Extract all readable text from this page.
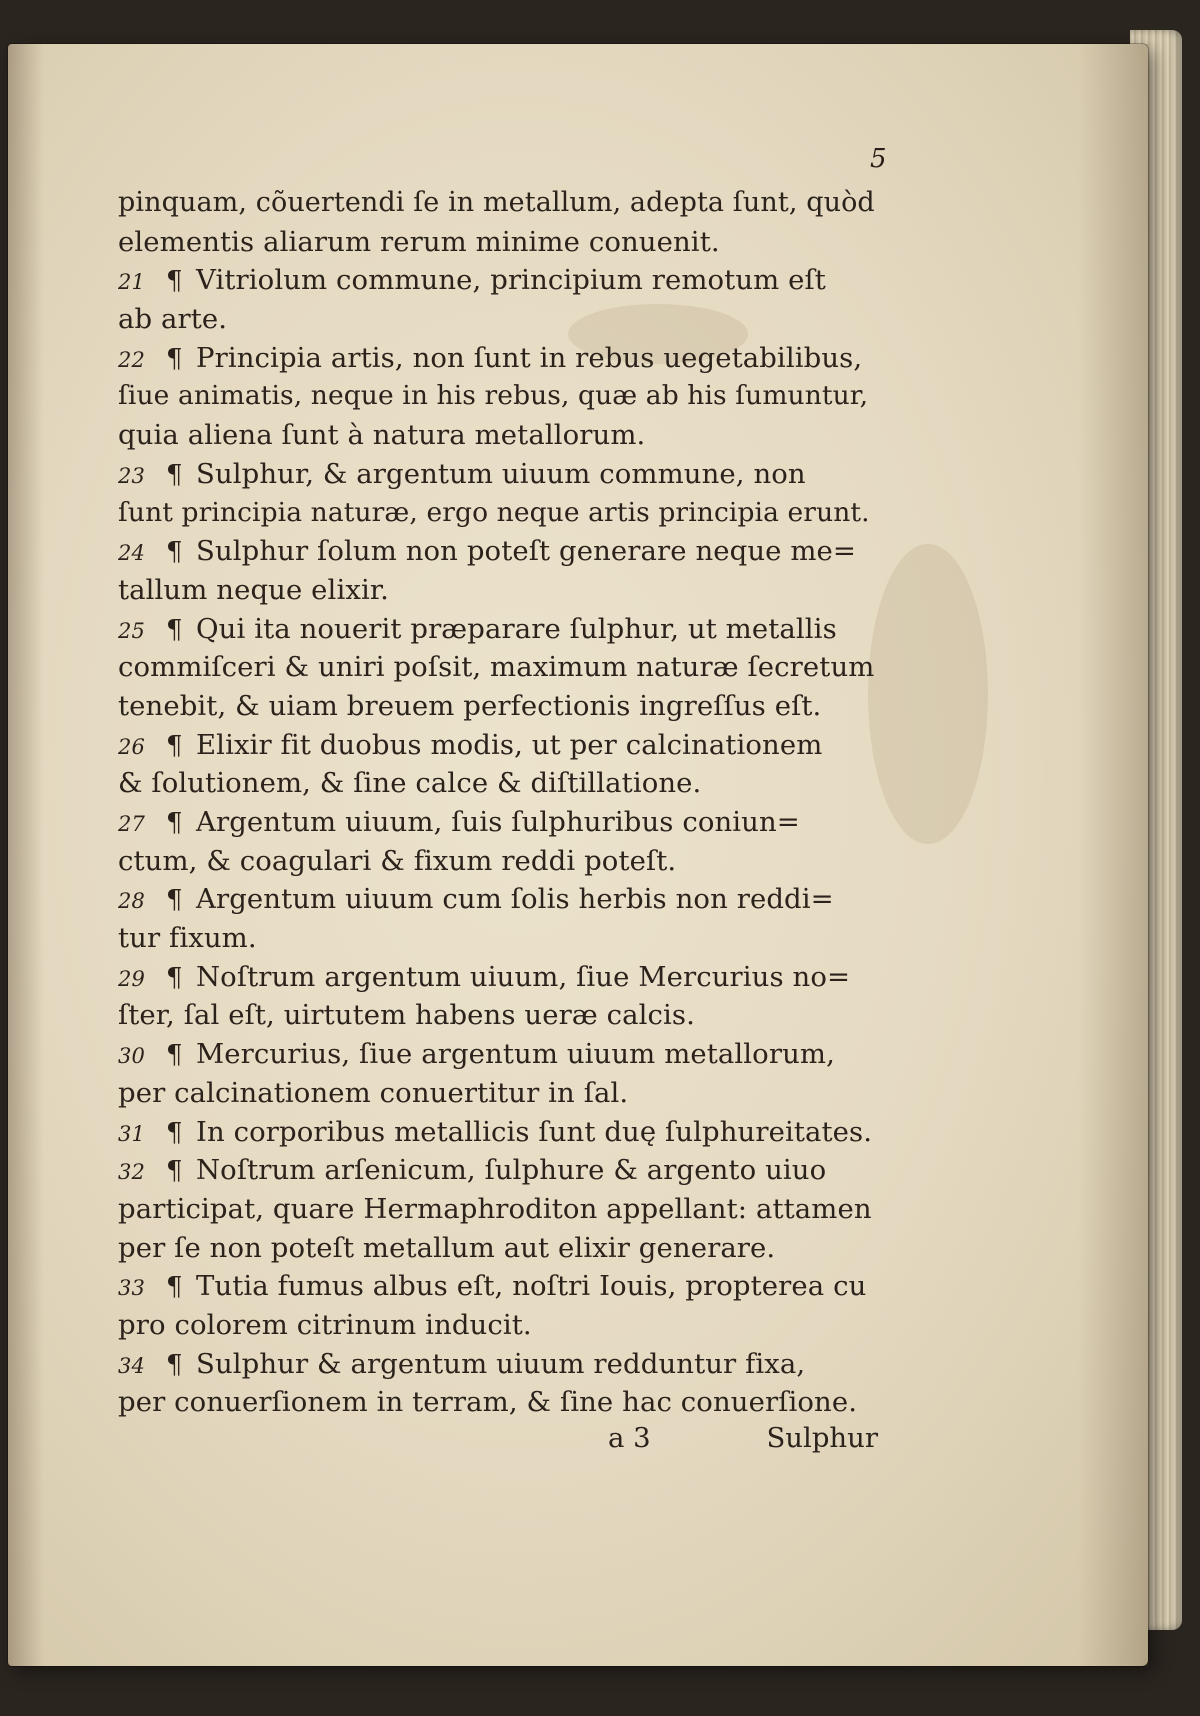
5
pinquam, cõuertendi ſe in metallum, adepta ſunt, quòd
elementis aliarum rerum minime conuenit.
21 ¶ Vitriolum commune, principium remotum eſt
ab arte.
22 ¶ Principia artis, non ſunt in rebus uegetabilibus,
ſiue animatis, neque in his rebus, quæ ab his ſumuntur,
quia aliena ſunt à natura metallorum.
23 ¶ Sulphur, & argentum uiuum commune, non
ſunt principia naturæ, ergo neque artis principia erunt.
24 ¶ Sulphur ſolum non poteſt generare neque me=
tallum neque elixir.
25 ¶ Qui ita nouerit præparare ſulphur, ut metallis
commiſceri & uniri poſsit, maximum naturæ ſecretum
tenebit, & uiam breuem perfectionis ingreſſus eſt.
26 ¶ Elixir fit duobus modis, ut per calcinationem
& ſolutionem, & ſine calce & diſtillatione.
27 ¶ Argentum uiuum, ſuis ſulphuribus coniun=
ctum, & coagulari & fixum reddi poteſt.
28 ¶ Argentum uiuum cum ſolis herbis non reddi=
tur fixum.
29 ¶ Noſtrum argentum uiuum, ſiue Mercurius no=
ſter, ſal eſt, uirtutem habens ueræ calcis.
30 ¶ Mercurius, ſiue argentum uiuum metallorum,
per calcinationem conuertitur in ſal.
31 ¶ In corporibus metallicis ſunt duę ſulphureitates.
32 ¶ Noſtrum arſenicum, ſulphure & argento uiuo
participat, quare Hermaphroditon appellant: attamen
per ſe non poteſt metallum aut elixir generare.
33 ¶ Tutia fumus albus eſt, noſtri Iouis, propterea cu
pro colorem citrinum inducit.
34 ¶ Sulphur & argentum uiuum redduntur fixa,
per conuerſionem in terram, & ſine hac conuerſione.
a 3	Sulphur
